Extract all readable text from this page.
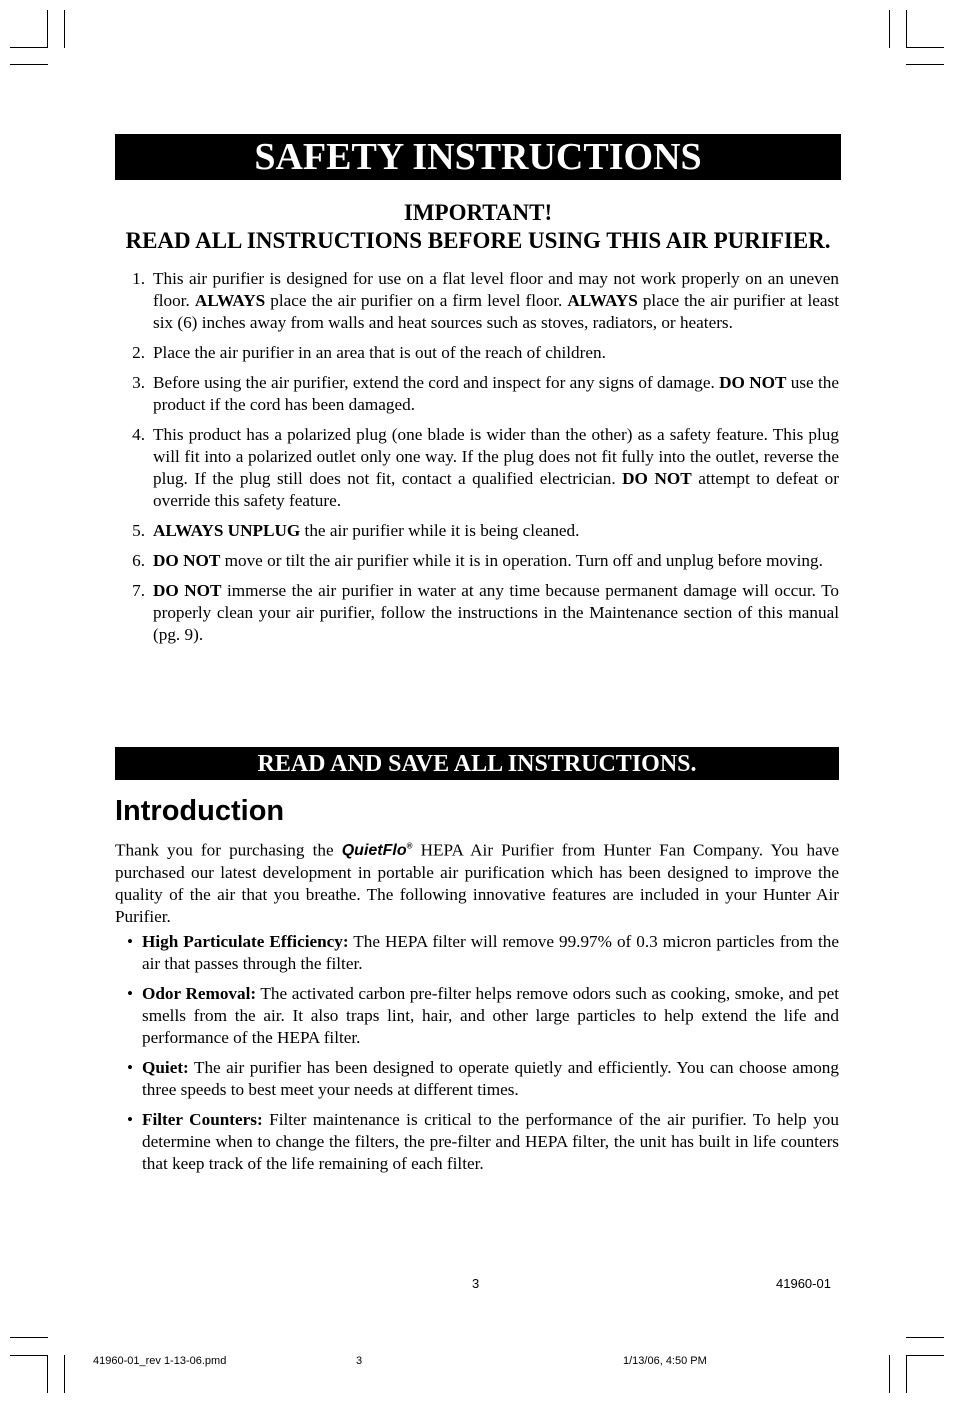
SAFETY INSTRUCTIONS
IMPORTANT!
READ ALL INSTRUCTIONS BEFORE USING THIS AIR PURIFIER.
1. This air purifier is designed for use on a flat level floor and may not work properly on an uneven floor. ALWAYS place the air purifier on a firm level floor. ALWAYS place the air purifier at least six (6) inches away from walls and heat sources such as stoves, radiators, or heaters.
2. Place the air purifier in an area that is out of the reach of children.
3. Before using the air purifier, extend the cord and inspect for any signs of damage. DO NOT use the product if the cord has been damaged.
4. This product has a polarized plug (one blade is wider than the other) as a safety feature. This plug will fit into a polarized outlet only one way. If the plug does not fit fully into the outlet, reverse the plug. If the plug still does not fit, contact a qualified electrician. DO NOT attempt to defeat or override this safety feature.
5. ALWAYS UNPLUG the air purifier while it is being cleaned.
6. DO NOT move or tilt the air purifier while it is in operation. Turn off and unplug before moving.
7. DO NOT immerse the air purifier in water at any time because permanent damage will occur. To properly clean your air purifier, follow the instructions in the Maintenance section of this manual (pg. 9).
READ AND SAVE ALL INSTRUCTIONS.
Introduction
Thank you for purchasing the QuietFlo® HEPA Air Purifier from Hunter Fan Company. You have purchased our latest development in portable air purification which has been designed to improve the quality of the air that you breathe. The following innovative features are included in your Hunter Air Purifier.
• High Particulate Efficiency: The HEPA filter will remove 99.97% of 0.3 micron particles from the air that passes through the filter.
• Odor Removal: The activated carbon pre-filter helps remove odors such as cooking, smoke, and pet smells from the air. It also traps lint, hair, and other large particles to help extend the life and performance of the HEPA filter.
• Quiet: The air purifier has been designed to operate quietly and efficiently. You can choose among three speeds to best meet your needs at different times.
• Filter Counters: Filter maintenance is critical to the performance of the air purifier. To help you determine when to change the filters, the pre-filter and HEPA filter, the unit has built in life counters that keep track of the life remaining of each filter.
3	41960-01
41960-01_rev 1-13-06.pmd	3	1/13/06, 4:50 PM
